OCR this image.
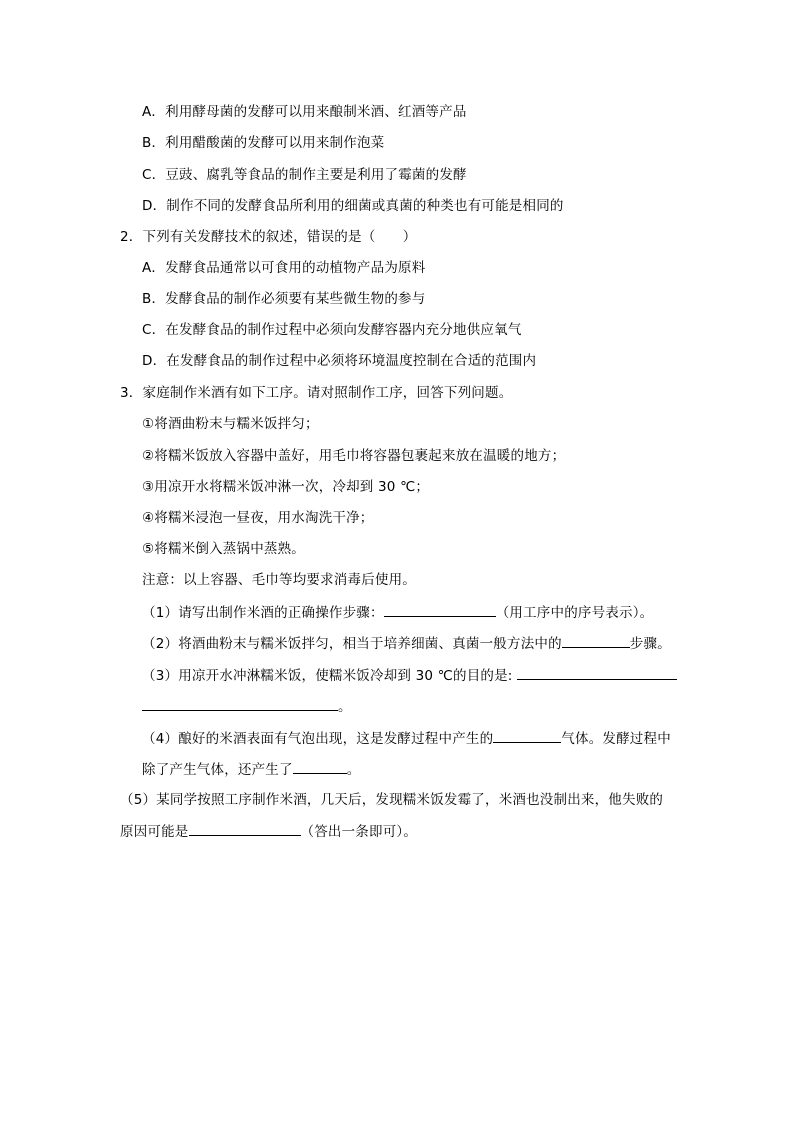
A．利用酵母菌的发酵可以用来酿制米酒、红酒等产品
B．利用醋酸菌的发酵可以用来制作泡菜
C．豆豉、腐乳等食品的制作主要是利用了霉菌的发酵
D．制作不同的发酵食品所利用的细菌或真菌的种类也有可能是相同的
2．下列有关发酵技术的叙述，错误的是（　　）
A．发酵食品通常以可食用的动植物产品为原料
B．发酵食品的制作必须要有某些微生物的参与
C．在发酵食品的制作过程中必须向发酵容器内充分地供应氧气
D．在发酵食品的制作过程中必须将环境温度控制在合适的范围内
3．家庭制作米酒有如下工序。请对照制作工序，回答下列问题。
①将酒曲粉末与糯米饭拌匀；
②将糯米饭放入容器中盖好，用毛巾将容器包裹起来放在温暖的地方；
③用凉开水将糯米饭冲淋一次，冷却到 30 ℃；
④将糯米浸泡一昼夜，用水淘洗干净；
⑤将糯米倒入蒸锅中蒸熟。
注意：以上容器、毛巾等均要求消毒后使用。
（1）请写出制作米酒的正确操作步骤：	（用工序中的序号表示）。
（2）将酒曲粉末与糯米饭拌匀，相当于培养细菌、真菌一般方法中的	步骤。
（3）用凉开水冲淋糯米饭，使糯米饭冷却到 30 ℃的目的是:
。
（4）酿好的米酒表面有气泡出现，这是发酵过程中产生的	气体。发酵过程中
除了产生气体，还产生了	。
（5）某同学按照工序制作米酒，几天后，发现糯米饭发霉了，米酒也没制出来，他失败的
原因可能是	（答出一条即可）。
